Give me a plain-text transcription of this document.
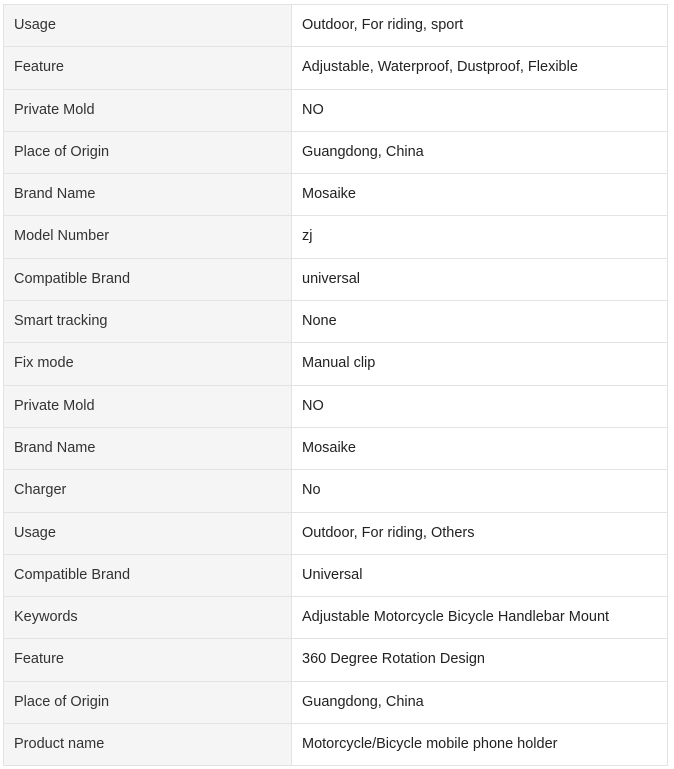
Usage	Outdoor, For riding, sport
Feature	Adjustable, Waterproof, Dustproof, Flexible
Private Mold	NO
Place of Origin	Guangdong, China
Brand Name	Mosaike
Model Number	zj
Compatible Brand	universal
Smart tracking	None
Fix mode	Manual clip
Private Mold	NO
Brand Name	Mosaike
Charger	No
Usage	Outdoor, For riding, Others
Compatible Brand	Universal
Keywords	Adjustable Motorcycle Bicycle Handlebar Mount
Feature	360 Degree Rotation Design
Place of Origin	Guangdong, China
Product name	Motorcycle/Bicycle mobile phone holder
